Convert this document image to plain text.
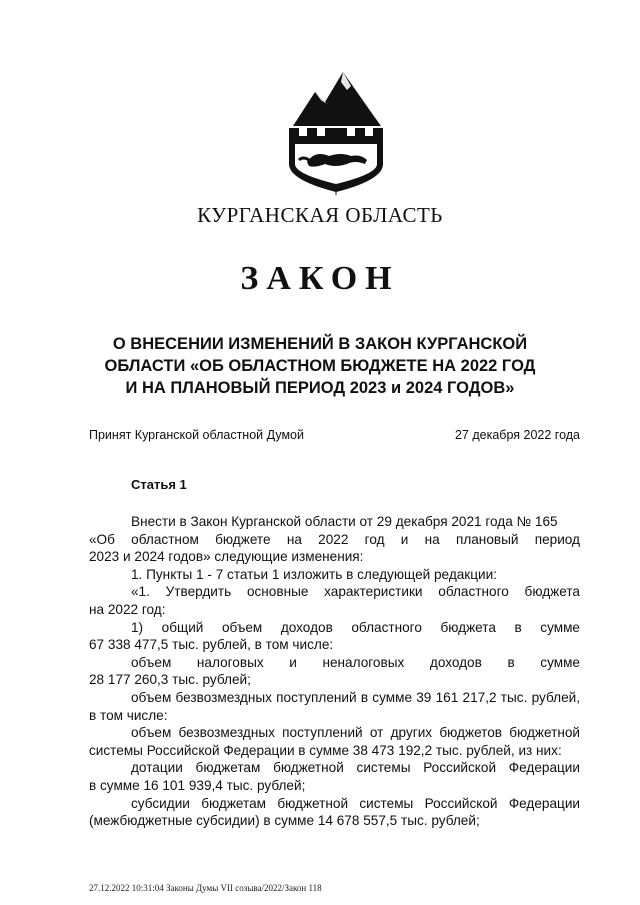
КУРГАНСКАЯ ОБЛАСТЬ
ЗАКОН
О ВНЕСЕНИИ ИЗМЕНЕНИЙ В ЗАКОН КУРГАНСКОЙ
ОБЛАСТИ «ОБ ОБЛАСТНОМ БЮДЖЕТЕ НА 2022 ГОД
И НА ПЛАНОВЫЙ ПЕРИОД 2023 и 2024 ГОДОВ»
Принят Курганской областной Думой	27 декабря 2022 года
Статья 1
Внести в Закон Курганской области от 29 декабря 2021 года № 165
«Об областном бюджете на 2022 год и на плановый период
2023 и 2024 годов» следующие изменения:
1. Пункты 1 - 7 статьи 1 изложить в следующей редакции:
«1. Утвердить основные характеристики областного бюджета
на 2022 год:
1) общий объем доходов областного бюджета в сумме
67 338 477,5 тыс. рублей, в том числе:
объем налоговых и неналоговых доходов в сумме
28 177 260,3 тыс. рублей;
объем безвозмездных поступлений в сумме 39 161 217,2 тыс. рублей,
в том числе:
объем безвозмездных поступлений от других бюджетов бюджетной
системы Российской Федерации в сумме 38 473 192,2 тыс. рублей, из них:
дотации бюджетам бюджетной системы Российской Федерации
в сумме 16 101 939,4 тыс. рублей;
субсидии бюджетам бюджетной системы Российской Федерации
(межбюджетные субсидии) в сумме 14 678 557,5 тыс. рублей;
27.12.2022 10:31:04 Законы Думы VII созыва/2022/Закон 118
